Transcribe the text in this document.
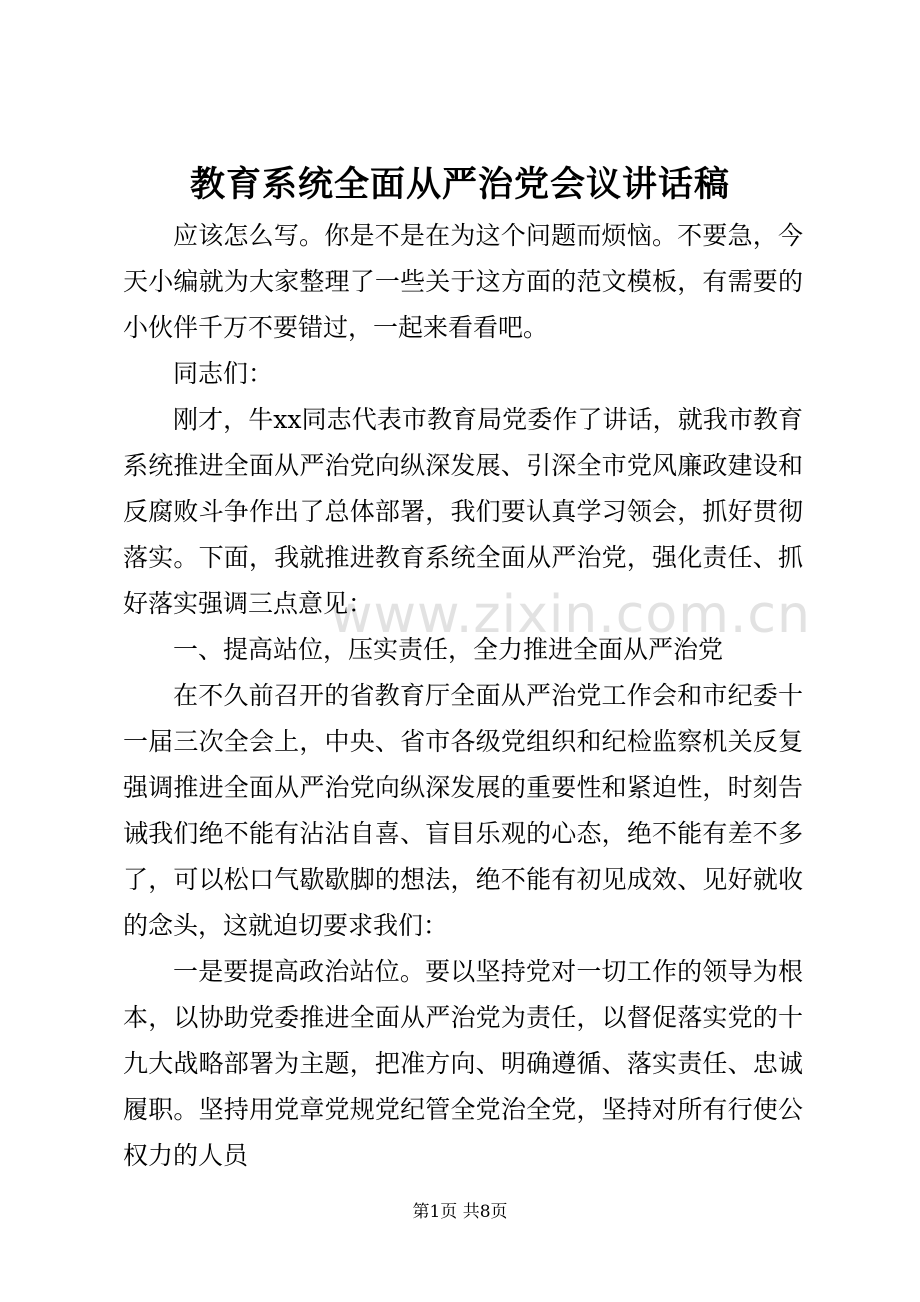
www.zixin.com.cn
教育系统全面从严治党会议讲话稿

应该怎么写。你是不是在为这个问题而烦恼。不要急，今天小编就为大家整理了一些关于这方面的范文模板，有需要的小伙伴千万不要错过，一起来看看吧。

同志们：

刚才，牛xx同志代表市教育局党委作了讲话，就我市教育系统推进全面从严治党向纵深发展、引深全市党风廉政建设和反腐败斗争作出了总体部署，我们要认真学习领会，抓好贯彻落实。下面，我就推进教育系统全面从严治党，强化责任、抓好落实强调三点意见：

一、提高站位，压实责任，全力推进全面从严治党

在不久前召开的省教育厅全面从严治党工作会和市纪委十一届三次全会上，中央、省市各级党组织和纪检监察机关反复强调推进全面从严治党向纵深发展的重要性和紧迫性，时刻告诫我们绝不能有沾沾自喜、盲目乐观的心态，绝不能有差不多了，可以松口气歇歇脚的想法，绝不能有初见成效、见好就收的念头，这就迫切要求我们：

一是要提高政治站位。要以坚持党对一切工作的领导为根本，以协助党委推进全面从严治党为责任，以督促落实党的十九大战略部署为主题，把准方向、明确遵循、落实责任、忠诚履职。坚持用党章党规党纪管全党治全党，坚持对所有行使公权力的人员

第1页 共8页
